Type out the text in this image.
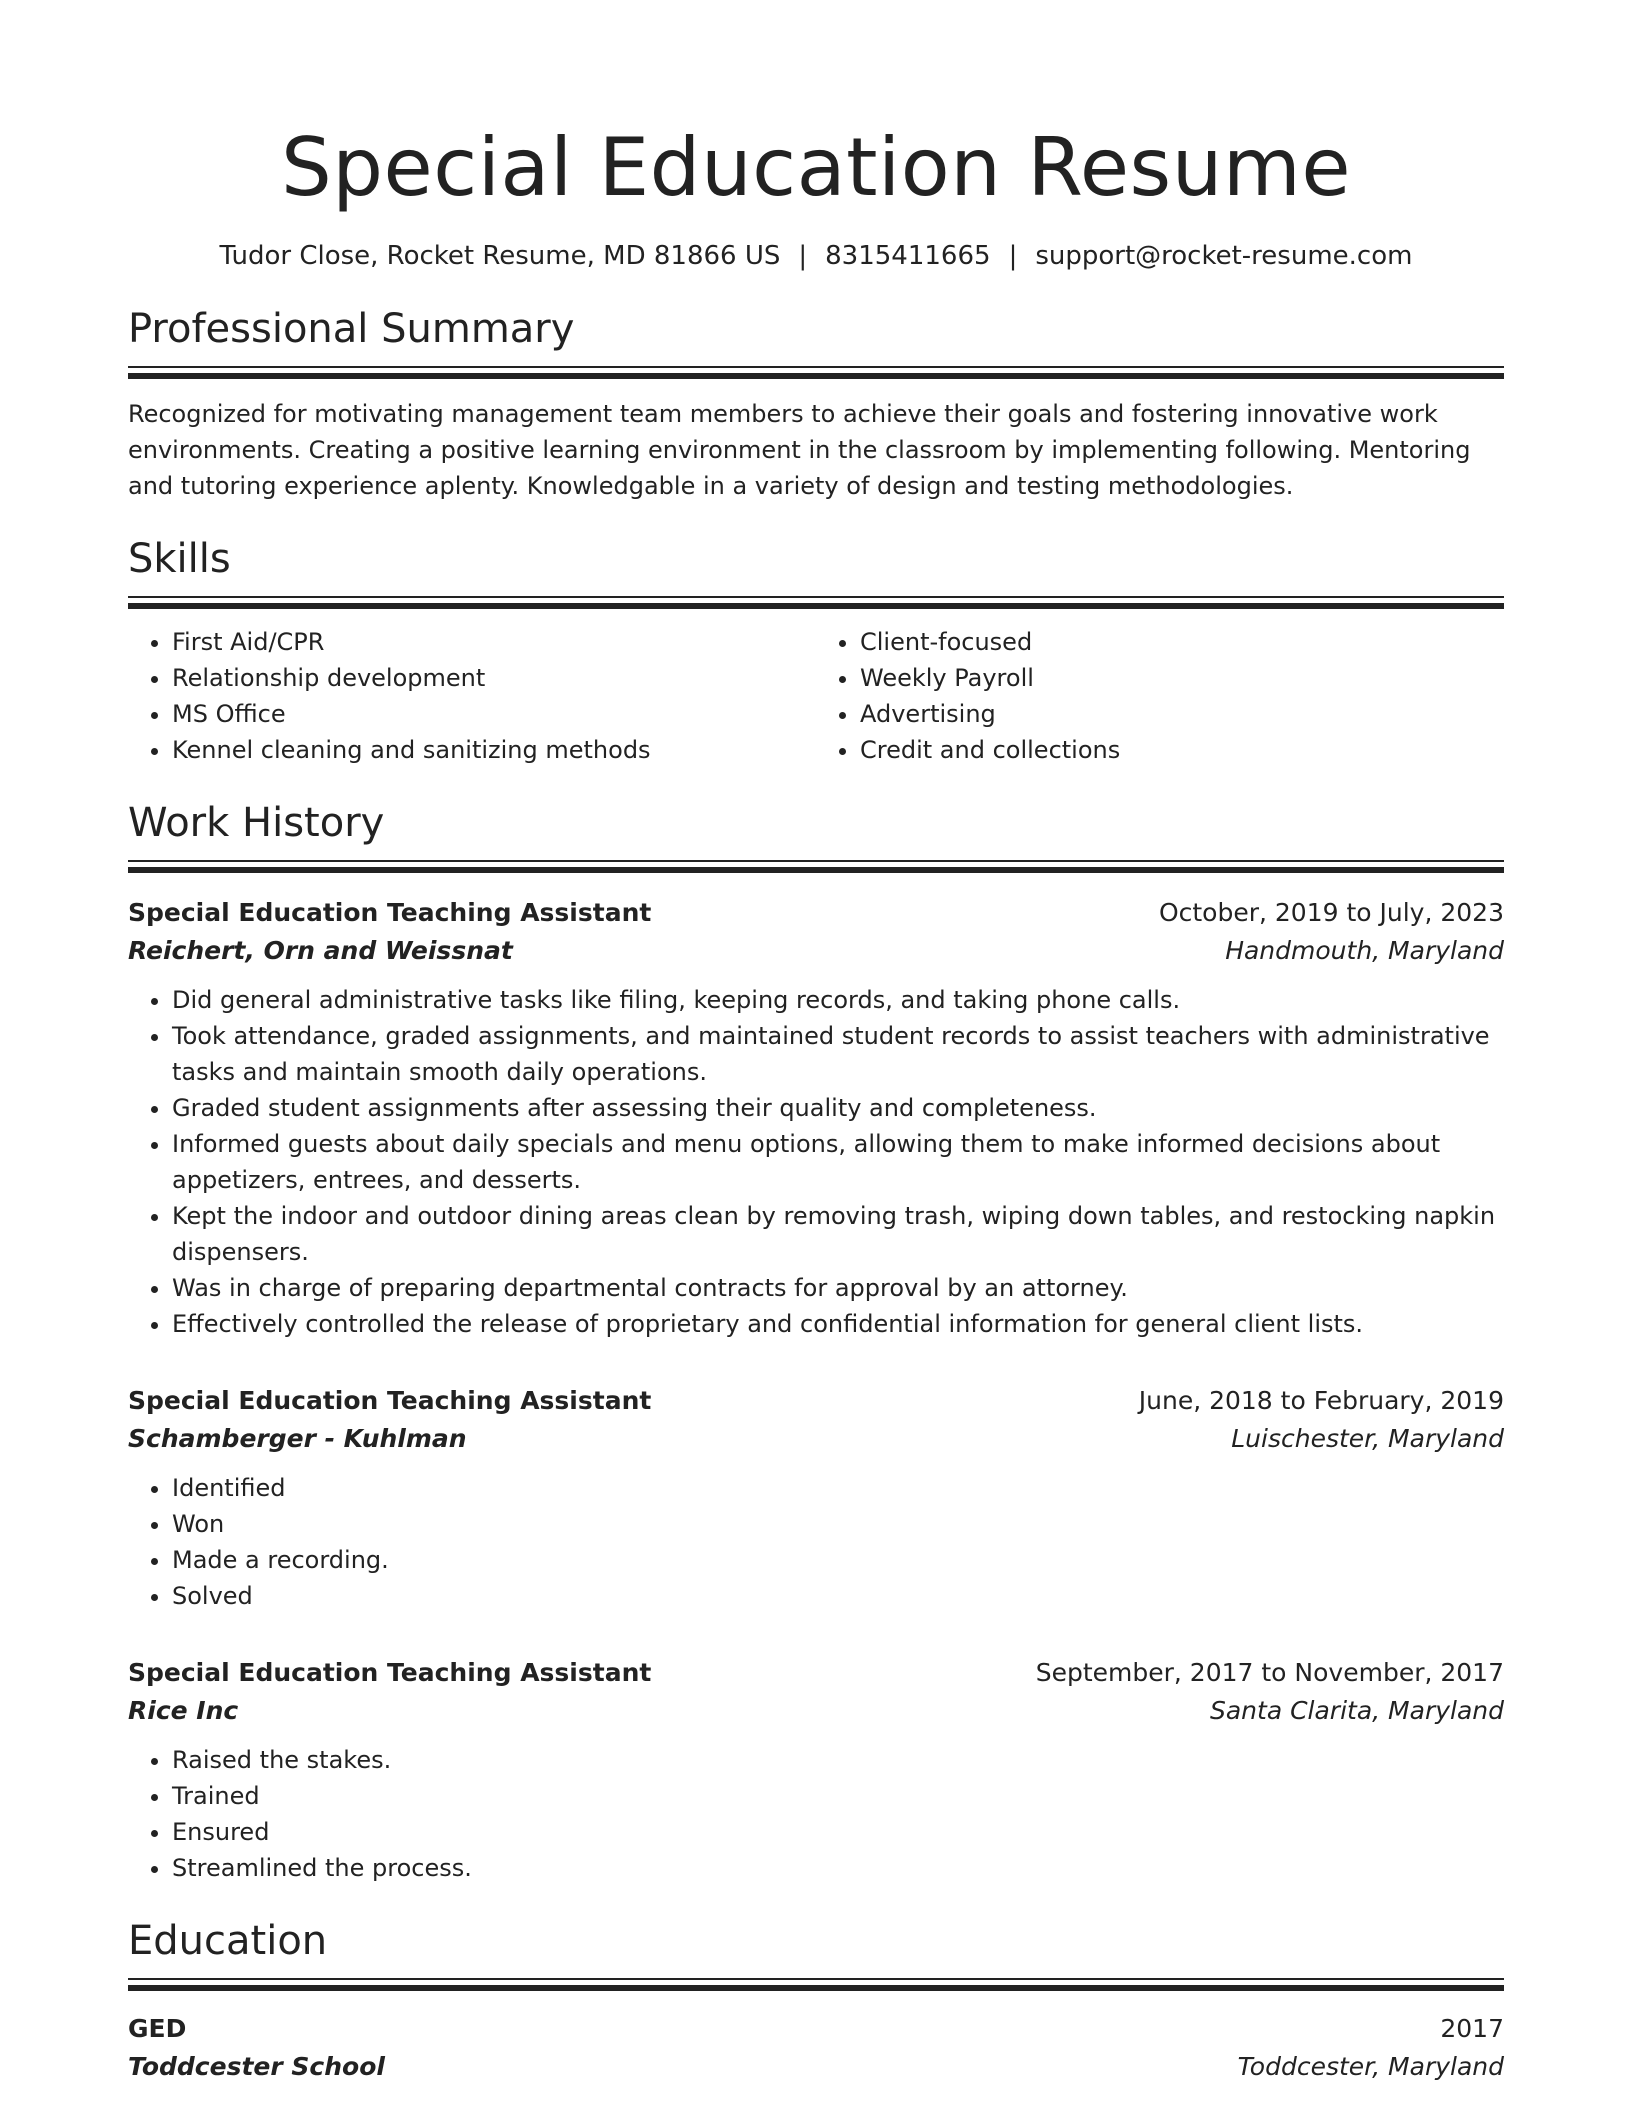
Special Education Resume
Tudor Close, Rocket Resume, MD 81866 US | 8315411665 | support@rocket-resume.com
Professional Summary
Recognized for motivating management team members to achieve their goals and fostering innovative work environments. Creating a positive learning environment in the classroom by implementing following. Mentoring and tutoring experience aplenty. Knowledgable in a variety of design and testing methodologies.
Skills
• First Aid/CPR
• Relationship development
• MS Office
• Kennel cleaning and sanitizing methods
• Client-focused
• Weekly Payroll
• Advertising
• Credit and collections
Work History
Special Education Teaching Assistant	October, 2019 to July, 2023
Reichert, Orn and Weissnat	Handmouth, Maryland
• Did general administrative tasks like filing, keeping records, and taking phone calls.
• Took attendance, graded assignments, and maintained student records to assist teachers with administrative tasks and maintain smooth daily operations.
• Graded student assignments after assessing their quality and completeness.
• Informed guests about daily specials and menu options, allowing them to make informed decisions about appetizers, entrees, and desserts.
• Kept the indoor and outdoor dining areas clean by removing trash, wiping down tables, and restocking napkin dispensers.
• Was in charge of preparing departmental contracts for approval by an attorney.
• Effectively controlled the release of proprietary and confidential information for general client lists.
Special Education Teaching Assistant	June, 2018 to February, 2019
Schamberger - Kuhlman	Luischester, Maryland
• Identified
• Won
• Made a recording.
• Solved
Special Education Teaching Assistant	September, 2017 to November, 2017
Rice Inc	Santa Clarita, Maryland
• Raised the stakes.
• Trained
• Ensured
• Streamlined the process.
Education
GED	2017
Toddcester School	Toddcester, Maryland
